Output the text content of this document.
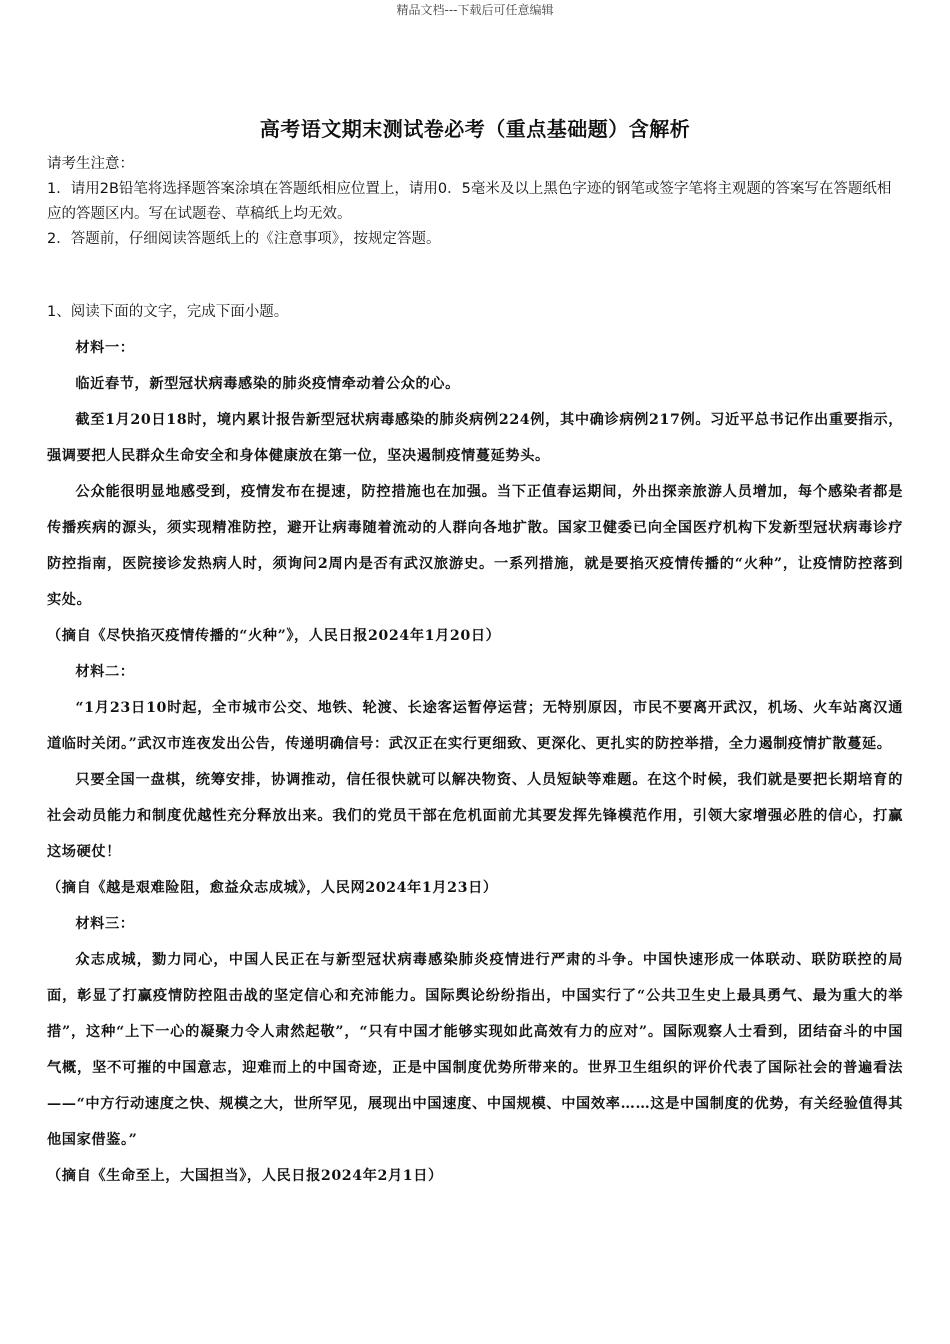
精品文档---下载后可任意编辑
高考语文期末测试卷必考（重点基础题）含解析

请考生注意：

1．请用2B铅笔将选择题答案涂填在答题纸相应位置上，请用0．5毫米及以上黑色字迹的钢笔或签字笔将主观题的答案写在答题纸相应的答题区内。写在试题卷、草稿纸上均无效。

2．答题前，仔细阅读答题纸上的《注意事项》，按规定答题。

1、阅读下面的文字，完成下面小题。

材料一：

临近春节，新型冠状病毒感染的肺炎疫情牵动着公众的心。

截至1月20日18时，境内累计报告新型冠状病毒感染的肺炎病例224例，其中确诊病例217例。习近平总书记作出重要指示，强调要把人民群众生命安全和身体健康放在第一位，坚决遏制疫情蔓延势头。

公众能很明显地感受到，疫情发布在提速，防控措施也在加强。当下正值春运期间，外出探亲旅游人员增加，每个感染者都是传播疾病的源头，须实现精准防控，避开让病毒随着流动的人群向各地扩散。国家卫健委已向全国医疗机构下发新型冠状病毒诊疗防控指南，医院接诊发热病人时，须询问2周内是否有武汉旅游史。一系列措施，就是要掐灭疫情传播的“火种”，让疫情防控落到实处。

（摘自《尽快掐灭疫情传播的“火种”》，人民日报2024年1月20日）

材料二：

“1月23日10时起，全市城市公交、地铁、轮渡、长途客运暂停运营；无特别原因，市民不要离开武汉，机场、火车站离汉通道临时关闭。”武汉市连夜发出公告，传递明确信号：武汉正在实行更细致、更深化、更扎实的防控举措，全力遏制疫情扩散蔓延。

只要全国一盘棋，统筹安排，协调推动，信任很快就可以解决物资、人员短缺等难题。在这个时候，我们就是要把长期培育的社会动员能力和制度优越性充分释放出来。我们的党员干部在危机面前尤其要发挥先锋模范作用，引领大家增强必胜的信心，打赢这场硬仗！

（摘自《越是艰难险阻，愈益众志成城》，人民网2024年1月23日）

材料三：

众志成城，勠力同心，中国人民正在与新型冠状病毒感染肺炎疫情进行严肃的斗争。中国快速形成一体联动、联防联控的局面，彰显了打赢疫情防控阻击战的坚定信心和充沛能力。国际舆论纷纷指出，中国实行了“公共卫生史上最具勇气、最为重大的举措”，这种“上下一心的凝聚力令人肃然起敬”，“只有中国才能够实现如此高效有力的应对”。国际观察人士看到，团结奋斗的中国气概，坚不可摧的中国意志，迎难而上的中国奇迹，正是中国制度优势所带来的。世界卫生组织的评价代表了国际社会的普遍看法——“中方行动速度之快、规模之大，世所罕见，展现出中国速度、中国规模、中国效率……这是中国制度的优势，有关经验值得其他国家借鉴。”

（摘自《生命至上，大国担当》，人民日报2024年2月1日）
